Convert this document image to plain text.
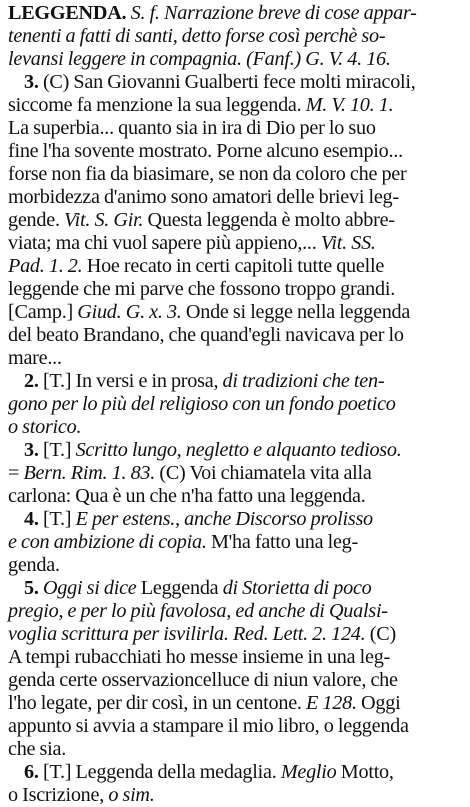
LEGGENDA. S. f. Narrazione breve di cose appar-
tenenti a fatti di santi, detto forse così perchè so-
levansi leggere in compagnia. (Fanf.) G. V. 4. 16.
3. (C) San Giovanni Gualberti fece molti miracoli,
siccome fa menzione la sua leggenda. M. V. 10. 1.
La superbia... quanto sia in ira di Dio per lo suo
fine l'ha sovente mostrato. Porne alcuno esempio...
forse non fia da biasimare, se non da coloro che per
morbidezza d'animo sono amatori delle brievi leg-
gende. Vit. S. Gir. Questa leggenda è molto abbre-
viata; ma chi vuol sapere più appieno,... Vit. SS.
Pad. 1. 2. Hoe recato in certi capitoli tutte quelle
leggende che mi parve che fossono troppo grandi.
[Camp.] Giud. G. x. 3. Onde si legge nella leggenda
del beato Brandano, che quand'egli navicava per lo
mare...
2. [T.] In versi e in prosa, di tradizioni che ten-
gono per lo più del religioso con un fondo poetico
o storico.
3. [T.] Scritto lungo, negletto e alquanto tedioso.
= Bern. Rim. 1. 83. (C) Voi chiamatela vita alla
carlona: Qua è un che n'ha fatto una leggenda.
4. [T.] E per estens., anche Discorso prolisso
e con ambizione di copia. M'ha fatto una leg-
genda.
5. Oggi si dice Leggenda di Storietta di poco
pregio, e per lo più favolosa, ed anche di Qualsi-
voglia scrittura per isvilirla. Red. Lett. 2. 124. (C)
A tempi rubacchiati ho messe insieme in una leg-
genda certe osservazioncelluce di niun valore, che
l'ho legate, per dir così, in un centone. E 128. Oggi
appunto si avvia a stampare il mio libro, o leggenda
che sia.
6. [T.] Leggenda della medaglia. Meglio Motto,
o Iscrizione, o sim.
